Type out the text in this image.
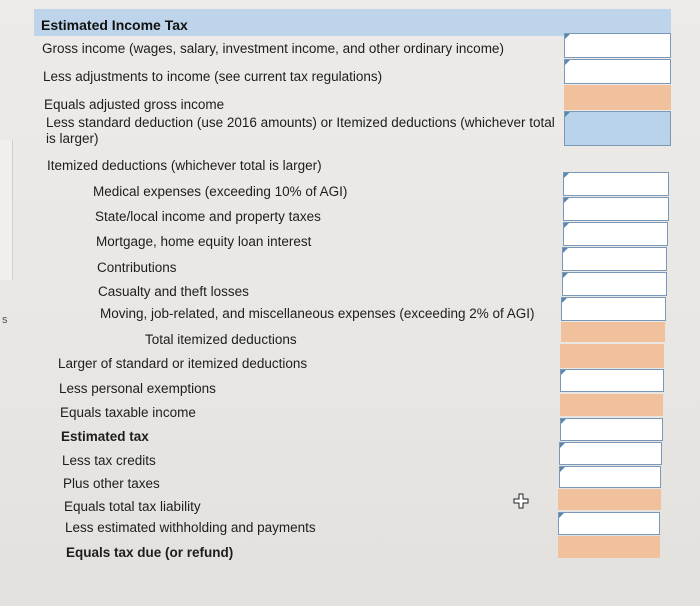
s
Estimated Income Tax
Gross income (wages, salary, investment income, and other ordinary income)
Less adjustments to income (see current tax regulations)
Equals adjusted gross income
Less standard deduction (use 2016 amounts) or Itemized deductions (whichever total is larger)
Itemized deductions (whichever total is larger)
Medical expenses (exceeding 10% of AGI)
State/local income and property taxes
Mortgage, home equity loan interest
Contributions
Casualty and theft losses
Moving, job-related, and miscellaneous expenses (exceeding 2% of AGI)
Total itemized deductions
Larger of standard or itemized deductions
Less personal exemptions
Equals taxable income
Estimated tax
Less tax credits
Plus other taxes
Equals total tax liability
Less estimated withholding and payments
Equals tax due (or refund)
